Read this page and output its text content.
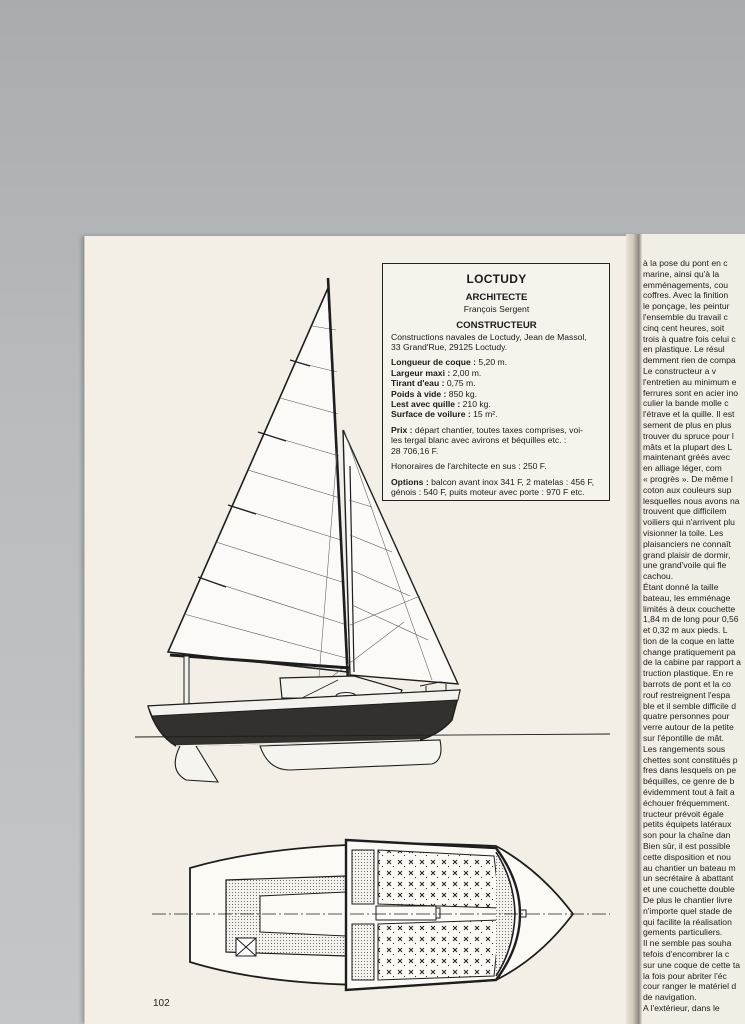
LOCTUDY
ARCHITECTE
François Sergent
CONSTRUCTEUR
Constructions navales de Loctudy, Jean de Massol,
33 Grand'Rue, 29125 Loctudy.

Longueur de coque : 5,20 m.

Largeur maxi : 2,00 m.

Tirant d'eau : 0,75 m.

Poids à vide : 850 kg.

Lest avec quille : 210 kg.

Surface de voilure : 15 m².

Prix : départ chantier, toutes taxes comprises, voi-

les tergal blanc avec avirons et béquilles etc. :
28 706,16 F.
Honoraires de l'architecte en sus : 250 F.

Options : balcon avant inox 341 F, 2 matelas : 456 F,

génois : 540 F, puits moteur avec porte : 970 F etc.

à la pose du pont en c

marine, ainsi qu'à la

emménagements, cou

coffres. Avec la finition

le ponçage, les peintur

l'ensemble du travail c

cinq cent heures, soit

trois à quatre fois celui c

en plastique. Le résul

demment rien de compa

Le constructeur a v

l'entretien au minimum e

ferrures sont en acier ino

culier la bande molle c

l'étrave et la quille. Il est

sement de plus en plus

trouver du spruce pour l

mâts et la plupart des L

maintenant gréés avec

en alliage léger, com

« progrès ». De même l

coton aux couleurs sup

lesquelles nous avons na

trouvent que difficilem

voiliers qui n'arrivent plu

visionner la toile. Les

plaisanciers ne connaît

grand plaisir de dormir,

une grand'voile qui fle

cachou.

Étant donné la taille

bateau, les emménage

limités à deux couchette

1,84 m de long pour 0,56

et 0,32 m aux pieds. L

tion de la coque en latte

change pratiquement pa

de la cabine par rapport a

truction plastique. En re

barrots de pont et la co

rouf restreignent l'espa

ble et il semble difficile d

quatre personnes pour

verre autour de la petite

sur l'épontille de mât.

Les rangements sous

chettes sont constitués p

fres dans lesquels on pe

béquilles, ce genre de b

évidemment tout à fait a

échouer fréquemment.

tructeur prévoit égale

petits équipets latéraux

son pour la chaîne dan

Bien sûr, il est possible

cette disposition et nou

au chantier un bateau m

un secrétaire à abattant

et une couchette double

De plus le chantier livre

n'importe quel stade de

qui facilite la réalisation

gements particuliers.

Il ne semble pas souha

tefois d'encombrer la c

sur une coque de cette ta

la fois pour abriter l'éc

cour ranger le matériel d

de navigation.

A l'extérieur, dans le

102
